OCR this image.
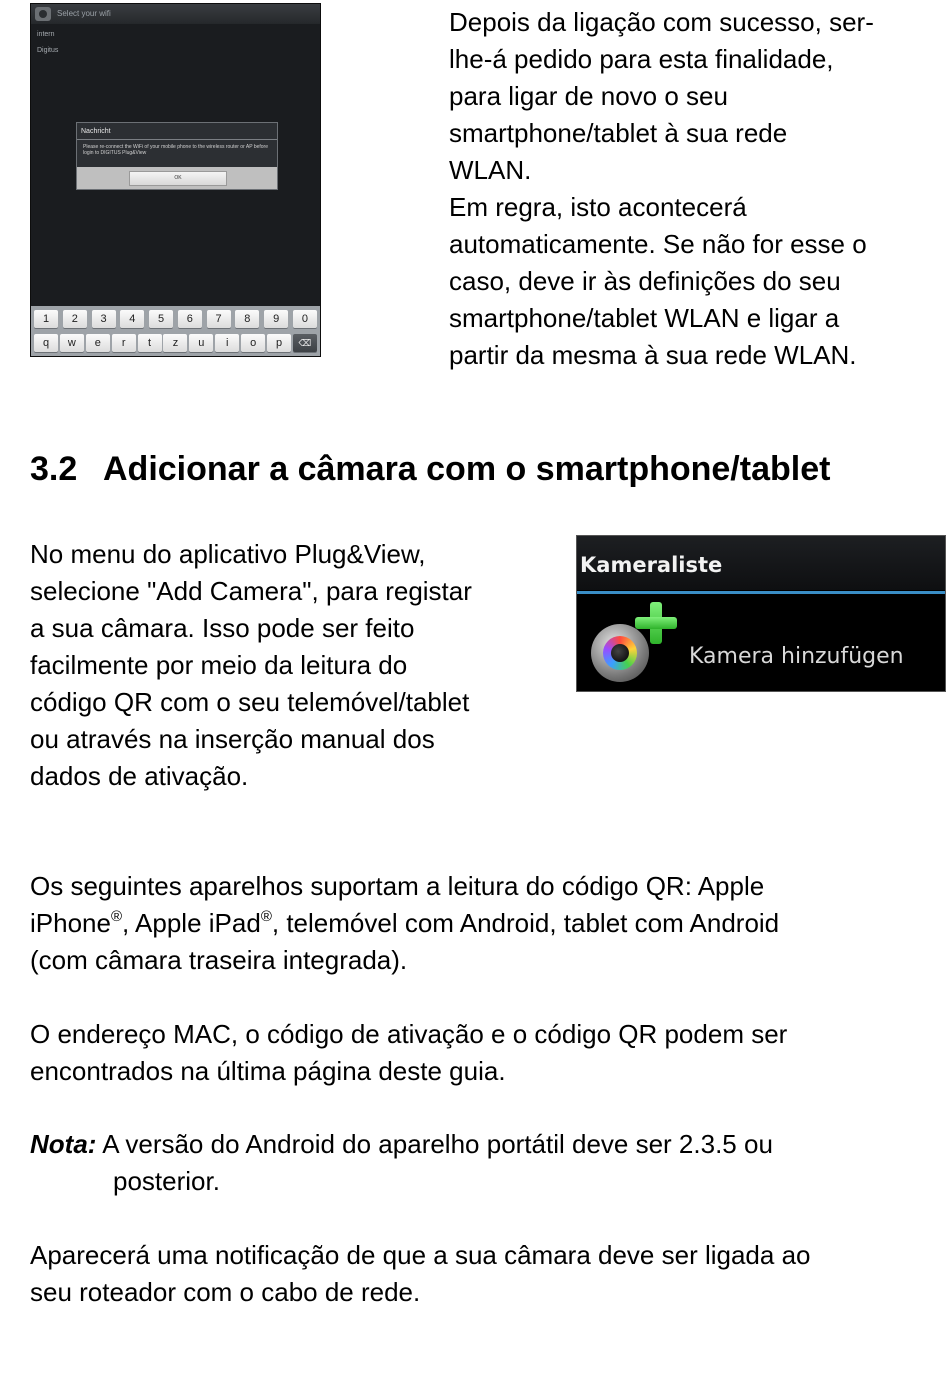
Select your wifi
intern
Digitus
Nachricht
Please re-connect the WiFi of your mobile phone to the wireless router or AP before login to DIGITUS Plug&View
OK
1	2	3	4	5	6	7	8	9	0
q	w	e	r	t	z	u	i	o	p	⌫

Depois da ligação com sucesso, ser-
lhe-á pedido para esta finalidade,
para ligar de novo o seu
smartphone/tablet à sua rede
WLAN.
Em regra, isto acontecerá
automaticamente. Se não for esse o
caso, deve ir às definições do seu
smartphone/tablet WLAN e ligar a
partir da mesma à sua rede WLAN.

3.2 Adicionar a câmara com o smartphone/tablet

No menu do aplicativo Plug&View,
selecione "Add Camera", para registar
a sua câmara. Isso pode ser feito
facilmente por meio da leitura do
código QR com o seu telemóvel/tablet
ou através na inserção manual dos
dados de ativação.

Kameraliste
Kamera hinzufügen

Os seguintes aparelhos suportam a leitura do código QR: Apple
iPhone®, Apple iPad®, telemóvel com Android, tablet com Android
(com câmara traseira integrada).

O endereço MAC, o código de ativação e o código QR podem ser
encontrados na última página deste guia.

Nota: A versão do Android do aparelho portátil deve ser 2.3.5 ou
posterior.

Aparecerá uma notificação de que a sua câmara deve ser ligada ao
seu roteador com o cabo de rede.
